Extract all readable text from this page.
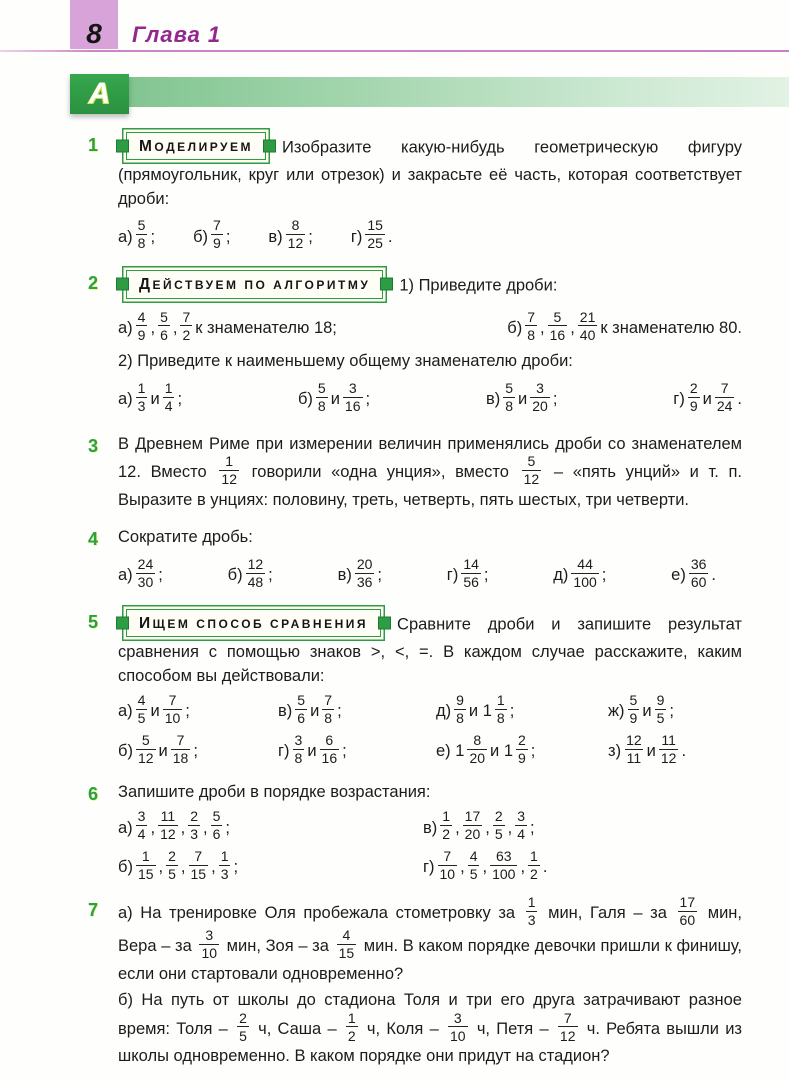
8 Глава 1
А
1	МОДЕЛИРУЕМ Изобразите какую-нибудь геометрическую фигуру (прямоугольник, круг или отрезок) и закрасьте её часть, которая соответствует дроби:

$а) \frac{5}{8}$ ; $б) \frac{7}{9}$ ; $в) \frac{8}{12}$ ; $г) \frac{15}{25}$ .
2	ДЕЙСТВУЕМ ПО АЛГОРИТМУ 1) Приведите дроби:

$а) \frac{4}{9}$ , $\frac{5}{6}$ , $\frac{7}{2}$ к знаменателю 18;	$б) \frac{7}{8}$ , $\frac{5}{16}$ , $\frac{21}{40}$ к знаменателю 80.

2) Приведите к наименьшему общему знаменателю дроби:

$а) \frac{1}{3}$ и $\frac{1}{4}$ ;	$б) \frac{5}{8}$ и $\frac{3}{16}$ ;	$в) \frac{5}{8}$ и $\frac{3}{20}$ ;	$г) \frac{2}{9}$ и $\frac{7}{24}$ .
3	В Древнем Риме при измерении величин применялись дроби со знаменателем 12. Вместо $\frac{1}{12}$ говорили «одна унция», вместо $\frac{5}{12}$ – «пять унций» и т. п. Выразите в унциях: половину, треть, четверть, пять шестых, три четверти.

4	Сократите дробь:

$а) \frac{24}{30}$ ;	$б) \frac{12}{48}$ ;	$в) \frac{20}{36}$ ;	$г) \frac{14}{56}$ ;	$д) \frac{44}{100}$ ;	$е) \frac{36}{60}$ .
5	ИЩЕМ СПОСОБ СРАВНЕНИЯ Сравните дроби и запишите результат сравнения с помощью знаков >, <, =. В каждом случае расскажите, каким способом вы действовали:

$а) \frac{4}{5}$ и $\frac{7}{10}$ ;	$в) \frac{5}{6}$ и $\frac{7}{8}$ ;	$д) \frac{9}{8}$ и $1 \frac{1}{8}$ ;	$ж) \frac{5}{9}$ и $\frac{9}{5}$ ;
$б) \frac{5}{12}$ и $\frac{7}{18}$ ;	$г) \frac{3}{8}$ и $\frac{6}{16}$ ;	е) $1 \frac{8}{20}$ и $1 \frac{2}{9}$ ;	$з) \frac{12}{11}$ и $\frac{11}{12}$ .
6	Запишите дроби в порядке возрастания:

$а) \frac{3}{4}$ , $\frac{11}{12}$ , $\frac{2}{3}$ , $\frac{5}{6}$ ;	$в) \frac{1}{2}$ , $\frac{17}{20}$ , $\frac{2}{5}$ , $\frac{3}{4}$ ;
$б) \frac{1}{15}$ , $\frac{2}{5}$ , $\frac{7}{15}$ , $\frac{1}{3}$ ;	$г) \frac{7}{10}$ , $\frac{4}{5}$ , $\frac{63}{100}$ , $\frac{1}{2}$ .
7	а) На тренировке Оля пробежала стометровку за $\frac{1}{3}$ мин, Галя – за $\frac{17}{60}$ мин, Вера – за $\frac{3}{10}$ мин, Зоя – за $\frac{4}{15}$ мин. В каком порядке девочки пришли к финишу, если они стартовали одновременно?

б) На путь от школы до стадиона Толя и три его друга затрачивают разное время: Толя – $\frac{2}{5} ч$, Саша – $\frac{1}{2} ч$, Коля – $\frac{3}{10} ч$, Петя – $\frac{7}{12} ч$. Ребята вышли из школы одновременно. В каком порядке они придут на стадион?
